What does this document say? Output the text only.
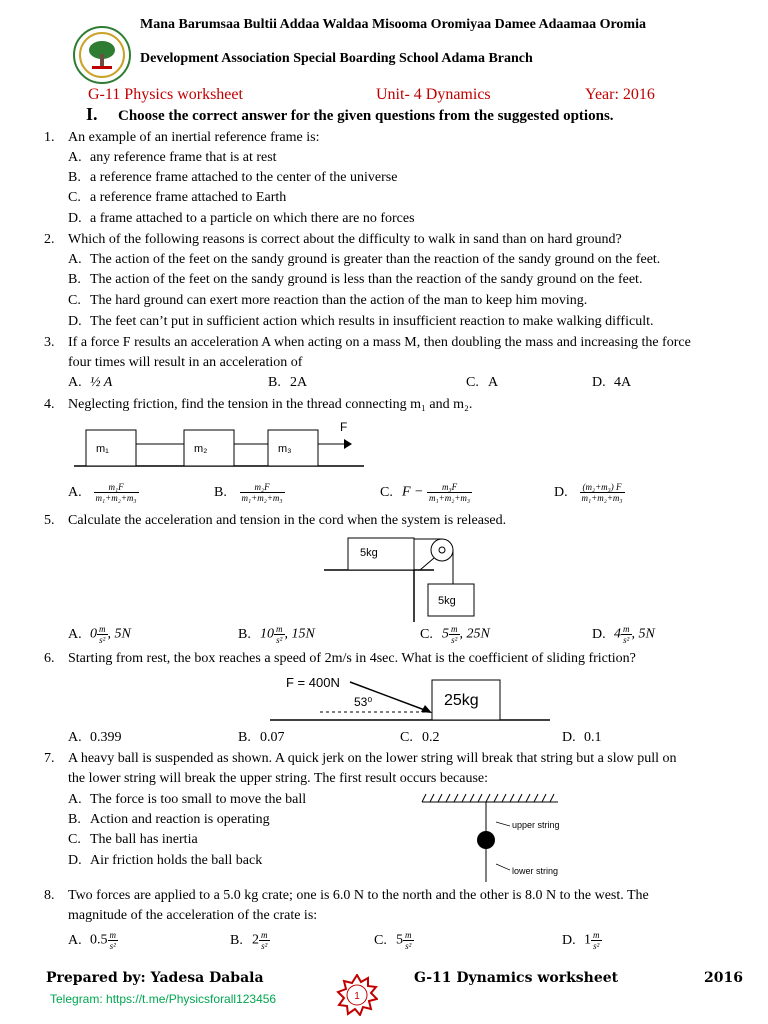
Mana Barumsaa Bultii Addaa Waldaa Misooma Oromiyaa Damee Adaamaa Oromia
Development Association Special Boarding School Adama Branch
G-11 Physics worksheet	Unit- 4 Dynamics	Year: 2016
I. Choose the correct answer for the given questions from the suggested options.
1. An example of an inertial reference frame is:
A. any reference frame that is at rest
B. a reference frame attached to the center of the universe
C. a reference frame attached to Earth
D. a frame attached to a particle on which there are no forces
2. Which of the following reasons is correct about the difficulty to walk in sand than on hard ground?
A. The action of the feet on the sandy ground is greater than the reaction of the sandy ground on the feet.
B. The action of the feet on the sandy ground is less than the reaction of the sandy ground on the feet.
C. The hard ground can exert more reaction than the action of the man to keep him moving.
D. The feet can’t put in sufficient action which results in insufficient reaction to make walking difficult.
3. If a force F results an acceleration A when acting on a mass M, then doubling the mass and increasing the force
four times will result in an acceleration of
A. ½ A	B. 2A	C. A	D. 4A
4. Neglecting friction, find the tension in the thread connecting m₁ and m₂.
m₁	m₂	m₃
F
A. $\frac{\text{m₁F}}{\text{m₁+m₂+m₃}}$	B. $\frac{\text{m₂F}}{\text{m₁+m₂+m₃}}$	C. $F - \frac{\text{m₃F}}{\text{m₁+m₂+m₃}}$	D. $\frac{\text{(m₂+m₃) F}}{\text{m₁+m₂+m₃}}$
5. Calculate the acceleration and tension in the cord when the system is released.
5kg
5kg
A. $0 \frac{m}{\text{s²}}$ , 5N	B. $10 \frac{m}{\text{s²}}$ , 15N	C. $5 \frac{m}{\text{s²}}$ , 25N	D. $4 \frac{m}{\text{s²}}$ , 5N
6. Starting from rest, the box reaches a speed of 2m/s in 4sec. What is the coefficient of sliding friction?
F = 400N
53⁰	25kg
A. 0.399	B. 0.07	C. 0.2	D. 0.1
7. A heavy ball is suspended as shown. A quick jerk on the lower string will break that string but a slow pull on
the lower string will break the upper string. The first result occurs because:
A. The force is too small to move the ball
B. Action and reaction is operating
C. The ball has inertia
D. Air friction holds the ball back
upper string
lower string
8. Two forces are applied to a 5.0 kg crate; one is 6.0 N to the north and the other is 8.0 N to the west. The
magnitude of the acceleration of the crate is:
A. $0.5 \frac{m}{\text{s²}}$	B. $2 \frac{m}{\text{s²}}$	C. $5 \frac{m}{\text{s²}}$	D. $1 \frac{m}{\text{s²}}$
Prepared by: Yadesa Dabala
Telegram: https://t.me/Physicsforall123456	1
G-11 Dynamics worksheet	2016
